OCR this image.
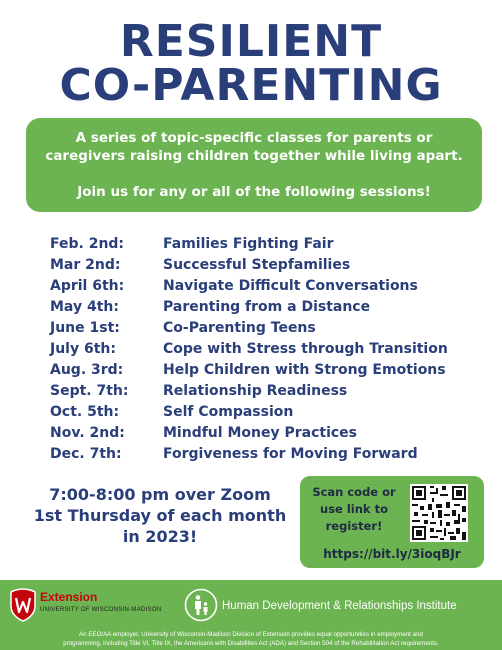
RESILIENT
CO-PARENTING
A series of topic-specific classes for parents or
caregivers raising children together while living apart.
Join us for any or all of the following sessions!
Feb. 2nd:	Families Fighting Fair
Mar 2nd:	Successful Stepfamilies
April 6th:	Navigate Difficult Conversations
May 4th:	Parenting from a Distance
June 1st:	Co-Parenting Teens
July 6th:	Cope with Stress through Transition
Aug. 3rd:	Help Children with Strong Emotions
Sept. 7th: Relationship Readiness
Oct. 5th:	Self Compassion
Nov. 2nd:	Mindful Money Practices
Dec. 7th:	Forgiveness for Moving Forward
7:00-8:00 pm over Zoom
1st Thursday of each month
in 2023!
Scan code or
use link to
register!
https://bit.ly/3ioqBJr
Extension
UNIVERSITY OF WISCONSIN-MADISON	Human Development & Relationships Institute
An EEO/AA employer, University of Wisconsin-Madison Division of Extension provides equal opportunities in employment and
programming, including Title VI, Title IX, the Americans with Disabilities Act (ADA) and Section 504 of the Rehabilitation Act requirements.
